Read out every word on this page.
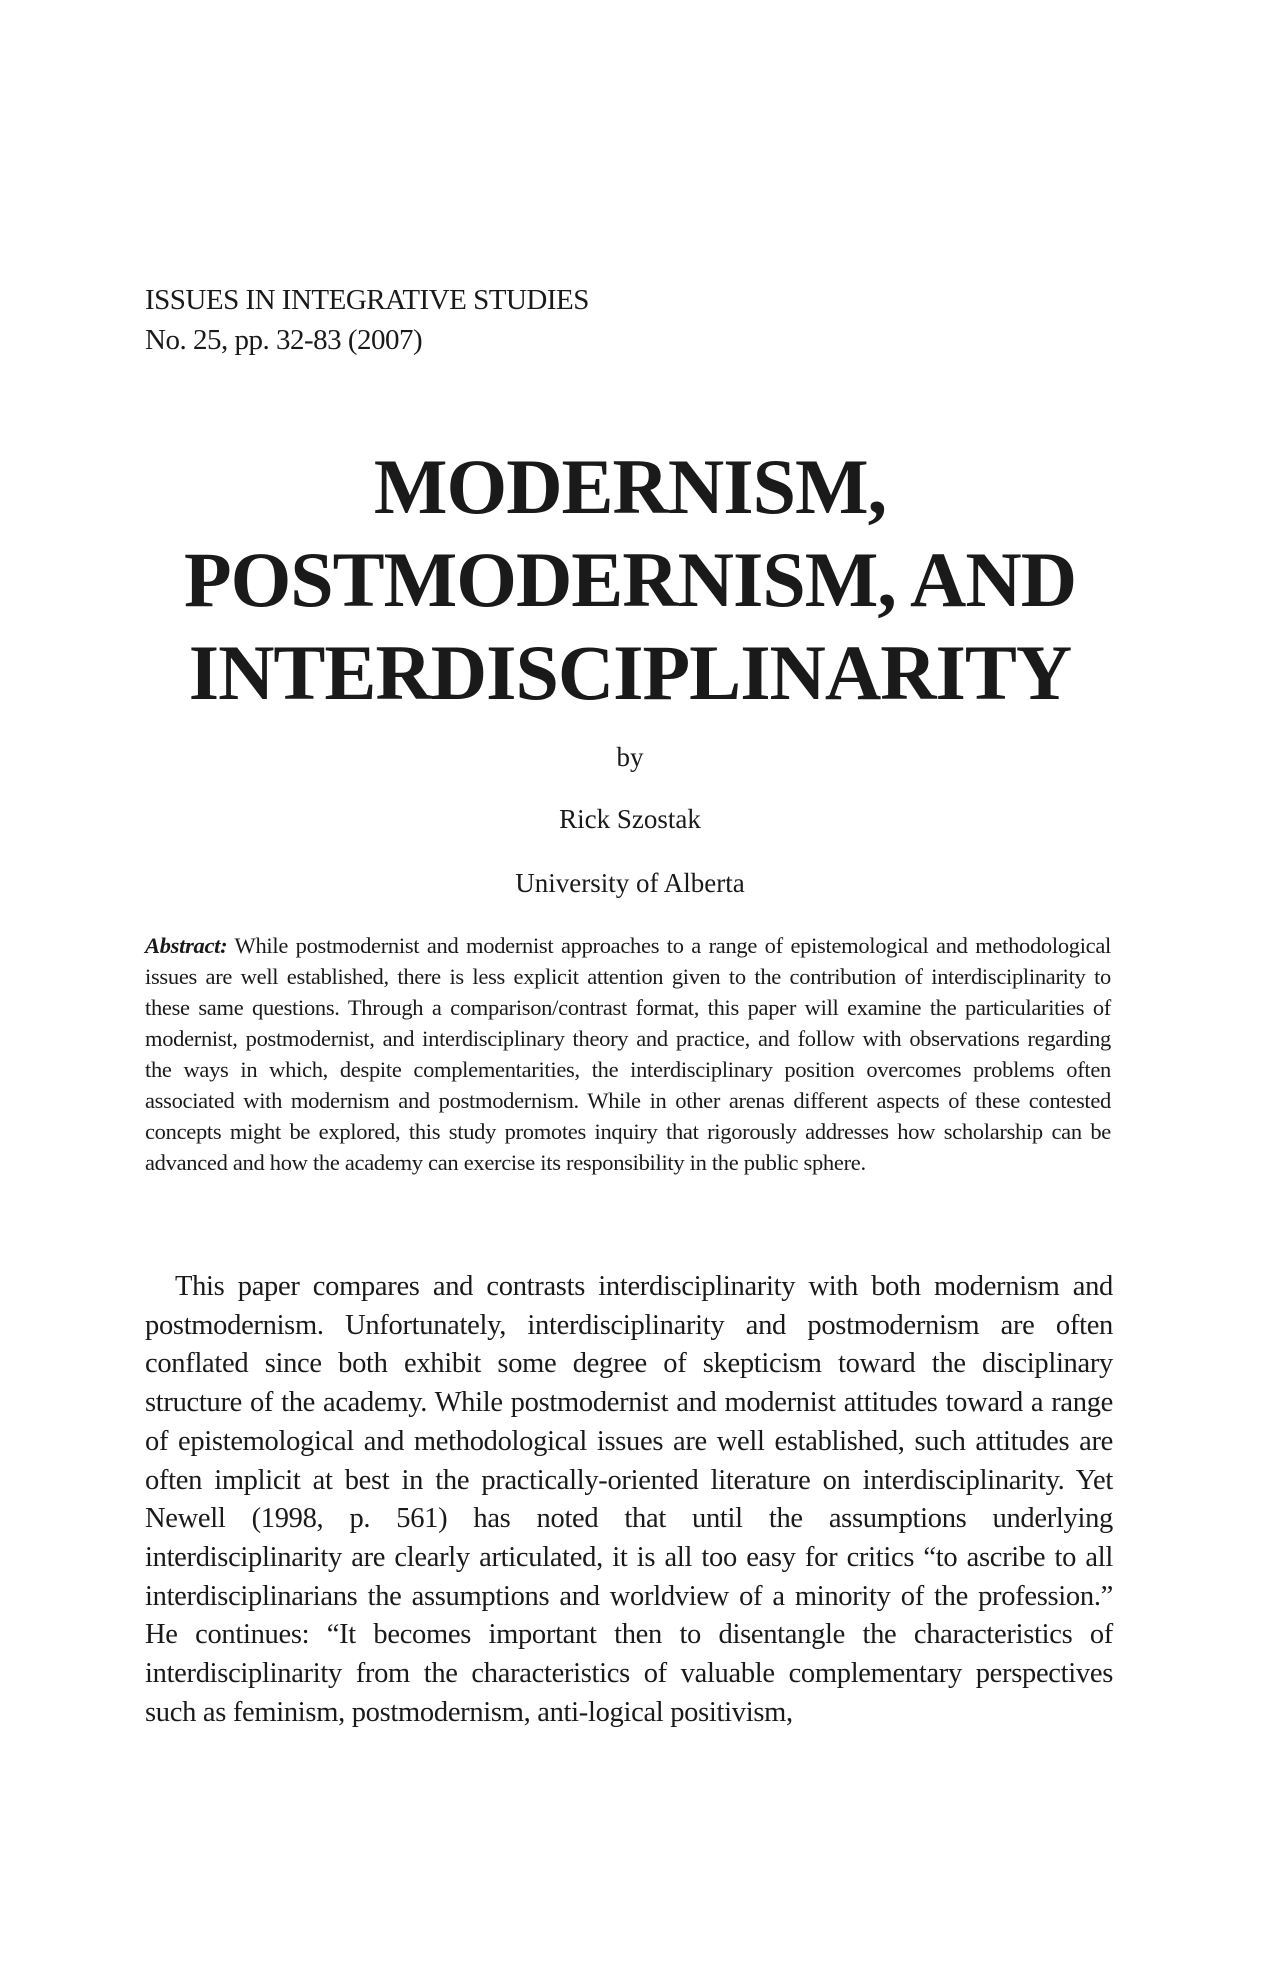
ISSUES IN INTEGRATIVE STUDIES
No. 25, pp. 32-83 (2007)
MODERNISM,
POSTMODERNISM, AND
INTERDISCIPLINARITY
by
Rick Szostak
University of Alberta
Abstract: While postmodernist and modernist approaches to a range of epistemological and methodological issues are well established, there is less explicit attention given to the contribution of interdisciplinarity to these same questions. Through a comparison/contrast format, this paper will examine the particularities of modernist, postmodernist, and interdisciplinary theory and practice, and follow with observations regarding the ways in which, despite complementarities, the interdisciplinary position overcomes problems often associated with modernism and postmodernism. While in other arenas different aspects of these contested concepts might be explored, this study promotes inquiry that rigorously addresses how scholarship can be advanced and how the academy can exercise its responsibility in the public sphere.
This paper compares and contrasts interdisciplinarity with both modernism and postmodernism. Unfortunately, interdisciplinarity and postmodernism are often conflated since both exhibit some degree of skepticism toward the disciplinary structure of the academy. While postmodernist and modernist attitudes toward a range of epistemological and methodological issues are well established, such attitudes are often implicit at best in the practically-oriented literature on interdisciplinarity. Yet Newell (1998, p. 561) has noted that until the assumptions underlying interdisciplinarity are clearly articulated, it is all too easy for critics “to ascribe to all interdisciplinarians the assumptions and worldview of a minority of the profession.” He continues: “It becomes important then to disentangle the characteristics of interdisciplinarity from the characteristics of valuable complementary perspectives such as feminism, postmodernism, anti-logical positivism,
